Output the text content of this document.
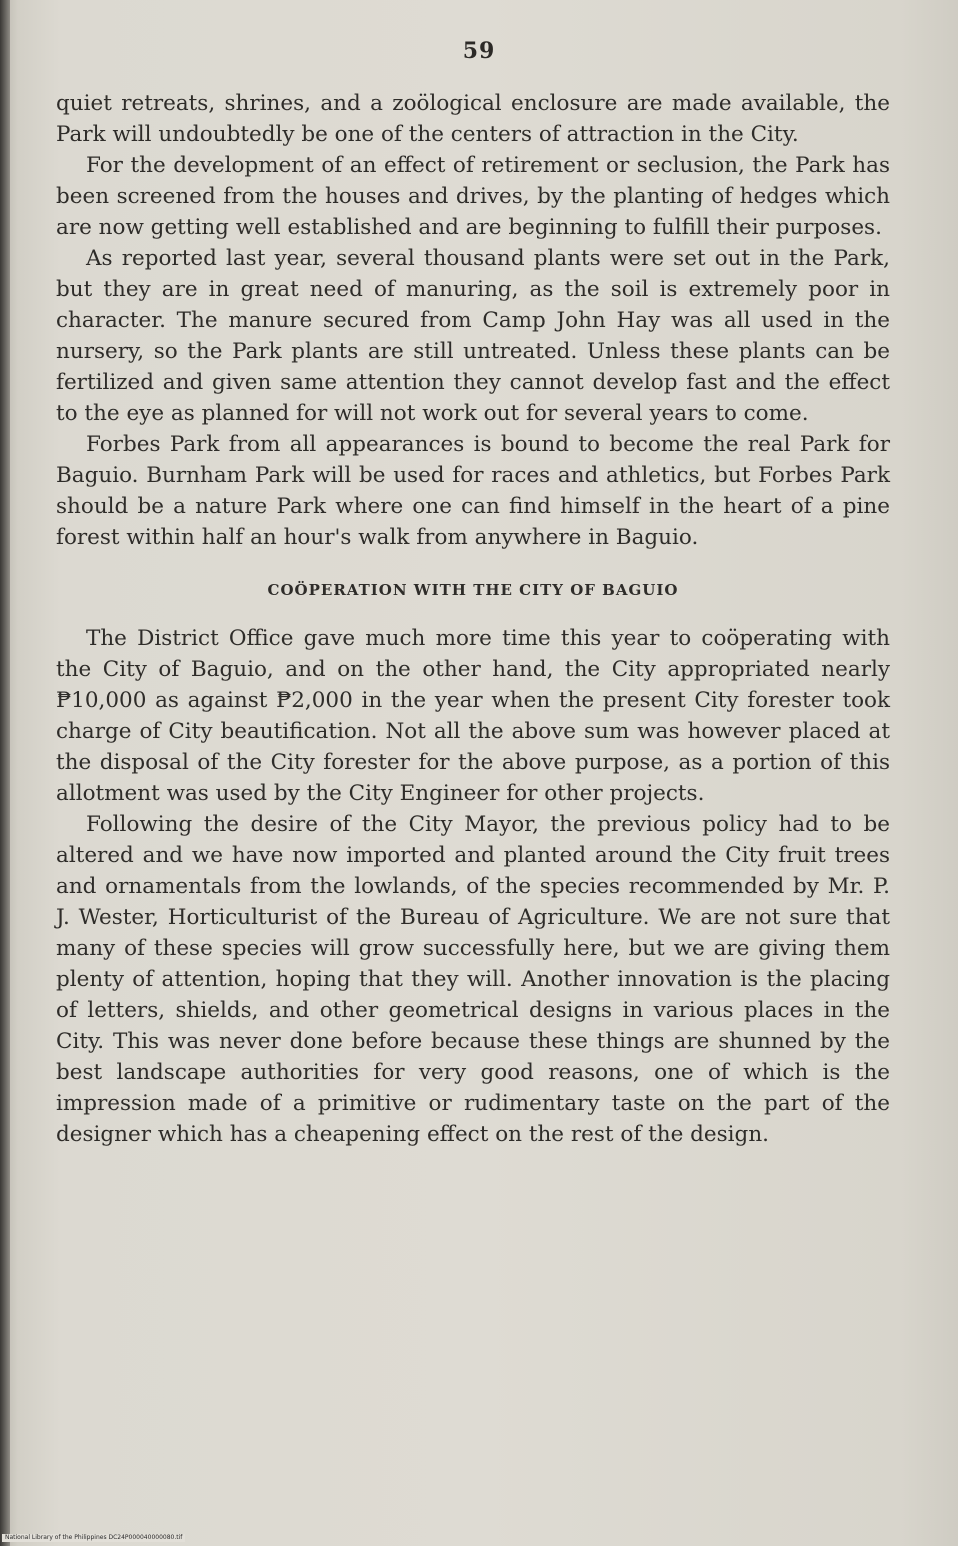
59

quiet retreats, shrines, and a zoölogical enclosure are made available, the Park will undoubtedly be one of the centers of attraction in the City.

For the development of an effect of retirement or seclusion, the Park has been screened from the houses and drives, by the planting of hedges which are now getting well established and are beginning to fulfill their purposes.

As reported last year, several thousand plants were set out in the Park, but they are in great need of manuring, as the soil is extremely poor in character. The manure secured from Camp John Hay was all used in the nursery, so the Park plants are still untreated. Unless these plants can be fertilized and given same attention they cannot develop fast and the effect to the eye as planned for will not work out for several years to come.

Forbes Park from all appearances is bound to become the real Park for Baguio. Burnham Park will be used for races and athletics, but Forbes Park should be a nature Park where one can find himself in the heart of a pine forest within half an hour's walk from anywhere in Baguio.

COÖPERATION WITH THE CITY OF BAGUIO

The District Office gave much more time this year to coöperating with the City of Baguio, and on the other hand, the City appropriated nearly ₱10,000 as against ₱2,000 in the year when the present City forester took charge of City beautification. Not all the above sum was however placed at the disposal of the City forester for the above purpose, as a portion of this allotment was used by the City Engineer for other projects.

Following the desire of the City Mayor, the previous policy had to be altered and we have now imported and planted around the City fruit trees and ornamentals from the lowlands, of the species recommended by Mr. P. J. Wester, Horticulturist of the Bureau of Agriculture. We are not sure that many of these species will grow successfully here, but we are giving them plenty of attention, hoping that they will. Another innovation is the placing of letters, shields, and other geometrical designs in various places in the City. This was never done before because these things are shunned by the best landscape authorities for very good reasons, one of which is the impression made of a primitive or rudimentary taste on the part of the designer which has a cheapening effect on the rest of the design.

National Library of the Philippines DC24P000040000080.tif
